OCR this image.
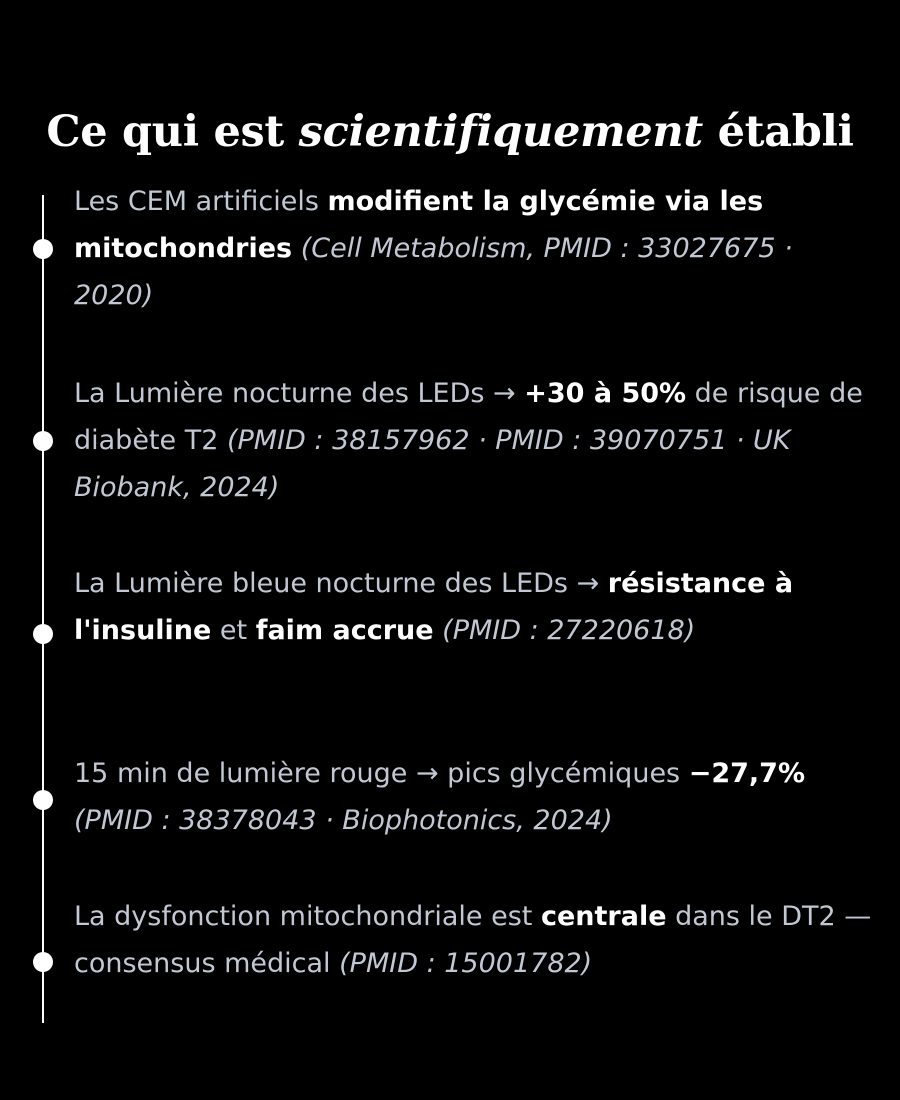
Ce qui est scientifiquement établi
Les CEM artificiels modifient la glycémie via les mitochondries (Cell Metabolism, PMID : 33027675 · 2020)
La Lumière nocturne des LEDs → +30 à 50% de risque de diabète T2 (PMID : 38157962 · PMID : 39070751 · UK Biobank, 2024)
La Lumière bleue nocturne des LEDs → résistance à l'insuline et faim accrue (PMID : 27220618)
15 min de lumière rouge → pics glycémiques −27,7% (PMID : 38378043 · Biophotonics, 2024)
La dysfonction mitochondriale est centrale dans le DT2 — consensus médical (PMID : 15001782)
